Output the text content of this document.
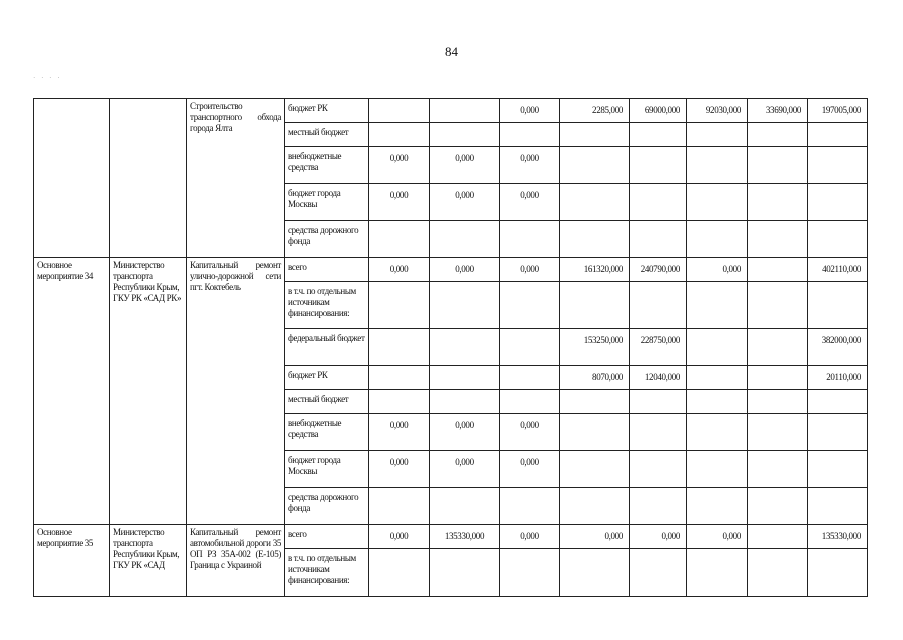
84
· · · ·
		Строительство транспортного обхода города Ялта	бюджет РК			0,000	2285,000	69000,000	92030,000	33690,000	197005,000
			местный бюджет								
			внебюджетные средства	0,000	0,000	0,000					
			бюджет города Москвы	0,000	0,000	0,000					
			средства дорожного фонда								
Основное мероприятие 34	Министерство транспорта Республики Крым, ГКУ РК «САД РК»	Капитальный ремонт улично-дорожной сети пгт. Коктебель	всего	0,000	0,000	0,000	161320,000	240790,000	0,000		402110,000
			в т.ч. по отдельным источникам финансирования:								
			федеральный бюджет				153250,000	228750,000			382000,000
			бюджет РК				8070,000	12040,000			20110,000
			местный бюджет								
			внебюджетные средства	0,000	0,000	0,000					
			бюджет города Москвы	0,000	0,000	0,000					
			средства дорожного фонда								
Основное мероприятие 35	Министерство транспорта Республики Крым, ГКУ РК «САД	Капитальный ремонт автомобильной дороги 35 ОП РЗ 35А-002 (Е-105) Граница с Украиной	всего	0,000	135330,000	0,000	0,000	0,000	0,000		135330,000
			в т.ч. по отдельным источникам финансирования:								
